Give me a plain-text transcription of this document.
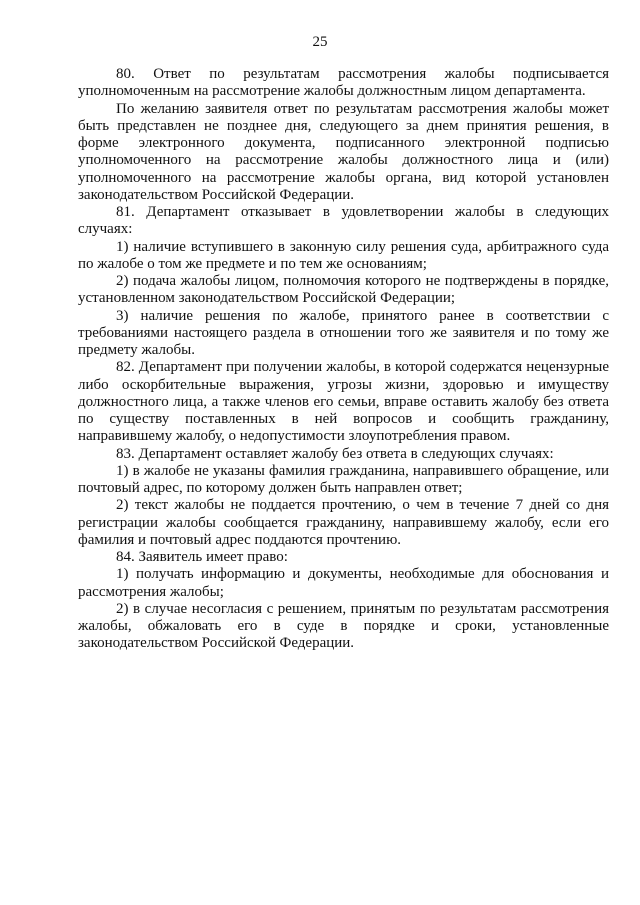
25

80. Ответ по результатам рассмотрения жалобы подписывается уполномоченным на рассмотрение жалобы должностным лицом департамента.

По желанию заявителя ответ по результатам рассмотрения жалобы может быть представлен не позднее дня, следующего за днем принятия решения, в форме электронного документа, подписанного электронной подписью уполномоченного на рассмотрение жалобы должностного лица и (или) уполномоченного на рассмотрение жалобы органа, вид которой установлен законодательством Российской Федерации.

81. Департамент отказывает в удовлетворении жалобы в следующих случаях:

1) наличие вступившего в законную силу решения суда, арбитражного суда по жалобе о том же предмете и по тем же основаниям;

2) подача жалобы лицом, полномочия которого не подтверждены в порядке, установленном законодательством Российской Федерации;

3) наличие решения по жалобе, принятого ранее в соответствии с требованиями настоящего раздела в отношении того же заявителя и по тому же предмету жалобы.

82. Департамент при получении жалобы, в которой содержатся нецензурные либо оскорбительные выражения, угрозы жизни, здоровью и имуществу должностного лица, а также членов его семьи, вправе оставить жалобу без ответа по существу поставленных в ней вопросов и сообщить гражданину, направившему жалобу, о недопустимости злоупотребления правом.

83. Департамент оставляет жалобу без ответа в следующих случаях:

1) в жалобе не указаны фамилия гражданина, направившего обращение, или почтовый адрес, по которому должен быть направлен ответ;

2) текст жалобы не поддается прочтению, о чем в течение 7 дней со дня регистрации жалобы сообщается гражданину, направившему жалобу, если его фамилия и почтовый адрес поддаются прочтению.

84. Заявитель имеет право:

1) получать информацию и документы, необходимые для обоснования и рассмотрения жалобы;

2) в случае несогласия с решением, принятым по результатам рассмотрения жалобы, обжаловать его в суде в порядке и сроки, установленные законодательством Российской Федерации.
